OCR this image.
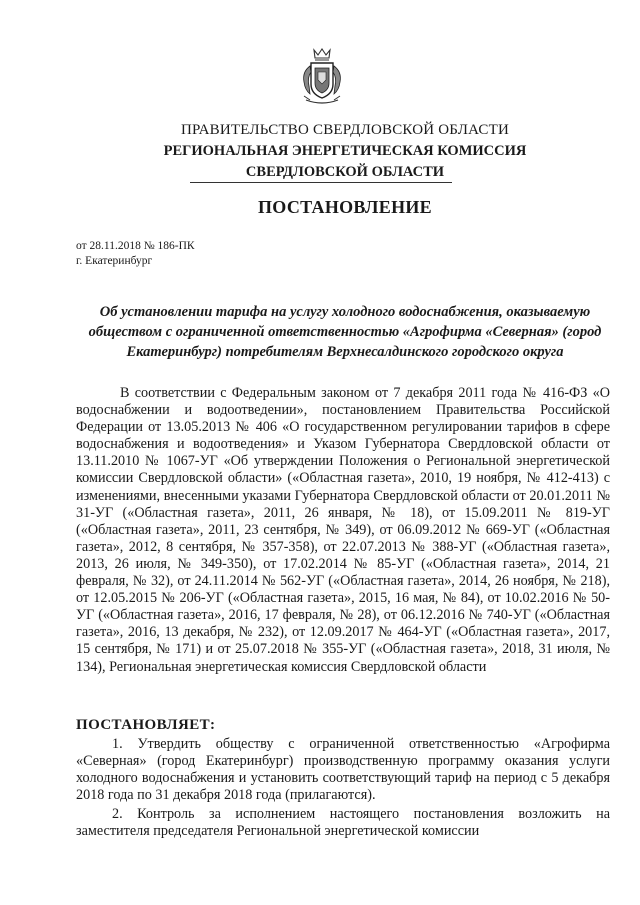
ПРАВИТЕЛЬСТВО СВЕРДЛОВСКОЙ ОБЛАСТИ
РЕГИОНАЛЬНАЯ ЭНЕРГЕТИЧЕСКАЯ КОМИССИЯ
СВЕРДЛОВСКОЙ ОБЛАСТИ
ПОСТАНОВЛЕНИЕ
от 28.11.2018 № 186-ПК
г. Екатеринбург
Об установлении тарифа на услугу холодного водоснабжения, оказываемую обществом с ограниченной ответственностью «Агрофирма «Северная» (город Екатеринбург) потребителям Верхнесалдинского городского округа

В соответствии с Федеральным законом от 7 декабря 2011 года № 416-ФЗ «О водоснабжении и водоотведении», постановлением Правительства Российской Федерации от 13.05.2013 № 406 «О государственном регулировании тарифов в сфере водоснабжения и водоотведения» и Указом Губернатора Свердловской области от 13.11.2010 № 1067-УГ «Об утверждении Положения о Региональной энергетической комиссии Свердловской области» («Областная газета», 2010, 19 ноября, № 412-413) с изменениями, внесенными указами Губернатора Свердловской области от 20.01.2011 № 31-УГ («Областная газета», 2011, 26 января, № 18), от 15.09.2011 № 819-УГ («Областная газета», 2011, 23 сентября, № 349), от 06.09.2012 № 669-УГ («Областная газета», 2012, 8 сентября, № 357-358), от 22.07.2013 № 388-УГ («Областная газета», 2013, 26 июля, № 349-350), от 17.02.2014 № 85-УГ («Областная газета», 2014, 21 февраля, № 32), от 24.11.2014 № 562-УГ («Областная газета», 2014, 26 ноября, № 218), от 12.05.2015 № 206-УГ («Областная газета», 2015, 16 мая, № 84), от 10.02.2016 № 50-УГ («Областная газета», 2016, 17 февраля, № 28), от 06.12.2016 № 740-УГ («Областная газета», 2016, 13 декабря, № 232), от 12.09.2017 № 464-УГ («Областная газета», 2017, 15 сентября, № 171) и от 25.07.2018 № 355-УГ («Областная газета», 2018, 31 июля, № 134), Региональная энергетическая комиссия Свердловской области

ПОСТАНОВЛЯЕТ:

1. Утвердить обществу с ограниченной ответственностью «Агрофирма «Северная» (город Екатеринбург) производственную программу оказания услуги холодного водоснабжения и установить соответствующий тариф на период с 5 декабря 2018 года по 31 декабря 2018 года (прилагаются).

2. Контроль за исполнением настоящего постановления возложить на заместителя председателя Региональной энергетической комиссии
